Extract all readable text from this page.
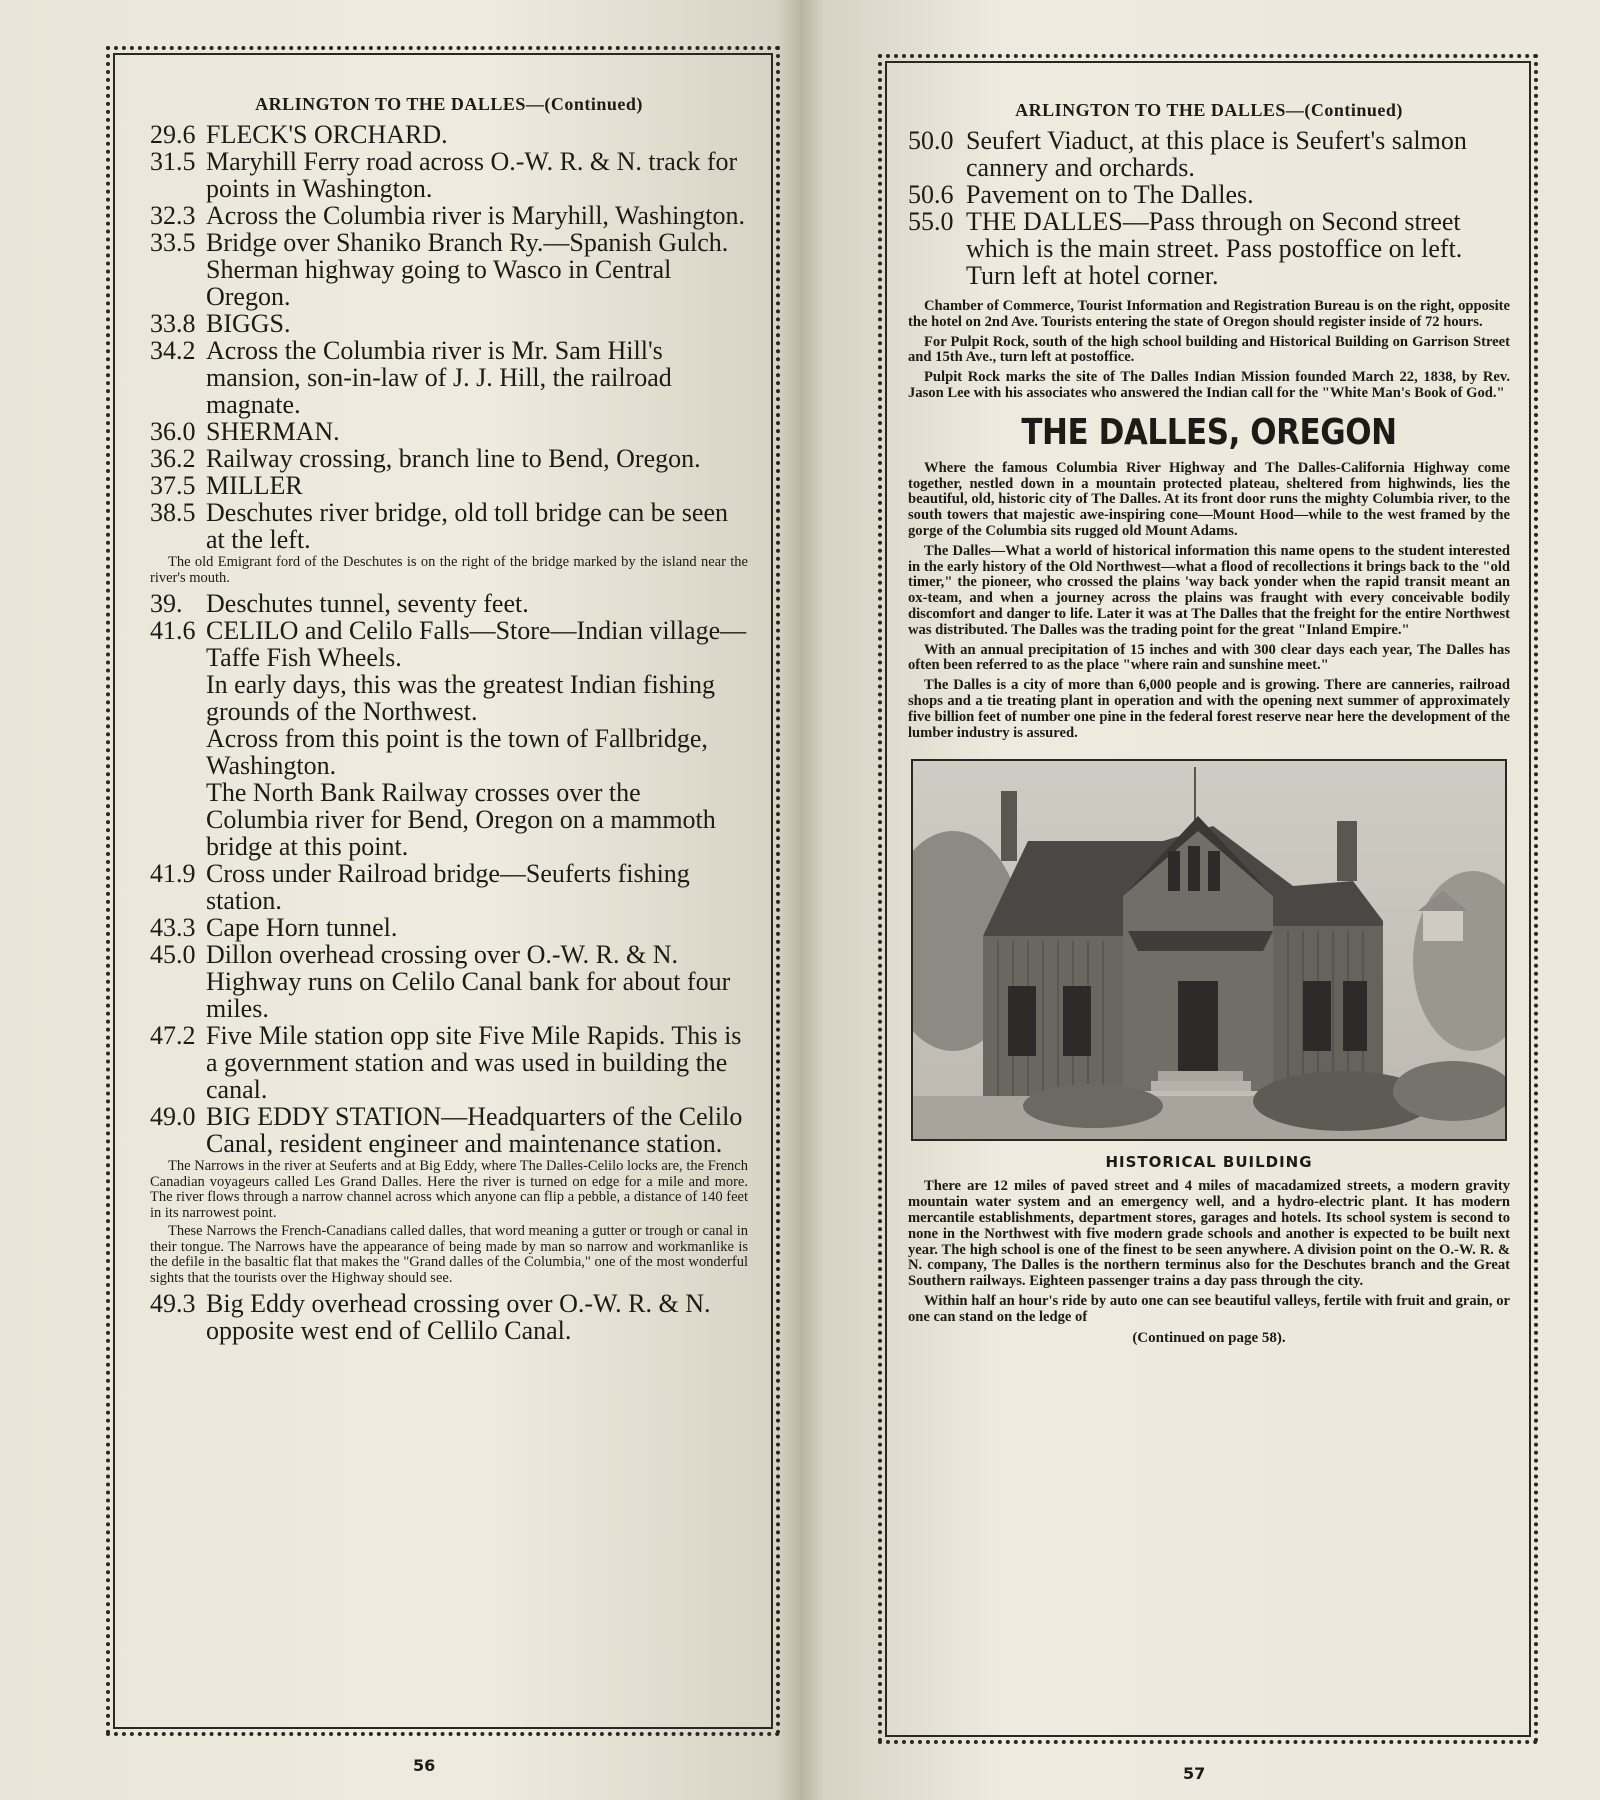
ARLINGTON TO THE DALLES—(Continued)
29.6 FLECK'S ORCHARD.

31.5 Maryhill Ferry road across O.-W. R. & N. track for points in Washington.

32.3 Across the Columbia river is Maryhill, Washington.

33.5 Bridge over Shaniko Branch Ry.—Spanish Gulch. Sherman highway going to Wasco in Central Oregon.

33.8 BIGGS.

34.2 Across the Columbia river is Mr. Sam Hill's mansion, son-in-law of J. J. Hill, the railroad magnate.

36.0 SHERMAN.

36.2 Railway crossing, branch line to Bend, Oregon.

37.5 MILLER

38.5 Deschutes river bridge, old toll bridge can be seen at the left.

The old Emigrant ford of the Deschutes is on the right of the bridge marked by the island near the river's mouth.

39. Deschutes tunnel, seventy feet.

41.6 CELILO and Celilo Falls—Store—Indian village—Taffe Fish Wheels.

In early days, this was the greatest Indian fishing grounds of the Northwest.

Across from this point is the town of Fallbridge, Washington.

The North Bank Railway crosses over the Columbia river for Bend, Oregon on a mammoth bridge at this point.

41.9 Cross under Railroad bridge—Seuferts fishing station.

43.3 Cape Horn tunnel.

45.0 Dillon overhead crossing over O.-W. R. & N.

Highway runs on Celilo Canal bank for about four miles.

47.2 Five Mile station opp site Five Mile Rapids. This is a government station and was used in building the canal.

49.0 BIG EDDY STATION—Headquarters of the Celilo Canal, resident engineer and maintenance station.

The Narrows in the river at Seuferts and at Big Eddy, where The Dalles-Celilo locks are, the French Canadian voyageurs called Les Grand Dalles. Here the river is turned on edge for a mile and more. The river flows through a narrow channel across which anyone can flip a pebble, a distance of 140 feet in its narrowest point.

These Narrows the French-Canadians called dalles, that word meaning a gutter or trough or canal in their tongue. The Narrows have the appearance of being made by man so narrow and workmanlike is the defile in the basaltic flat that makes the "Grand dalles of the Columbia," one of the most wonderful sights that the tourists over the Highway should see.

49.3 Big Eddy overhead crossing over O.-W. R. & N. opposite west end of Cellilo Canal.

56
ARLINGTON TO THE DALLES—(Continued)
50.0 Seufert Viaduct, at this place is Seufert's salmon cannery and orchards.

50.6 Pavement on to The Dalles.

55.0 THE DALLES—Pass through on Second street which is the main street. Pass postoffice on left. Turn left at hotel corner.

Chamber of Commerce, Tourist Information and Registration Bureau is on the right, opposite the hotel on 2nd Ave. Tourists entering the state of Oregon should register inside of 72 hours.

For Pulpit Rock, south of the high school building and Historical Building on Garrison Street and 15th Ave., turn left at postoffice.

Pulpit Rock marks the site of The Dalles Indian Mission founded March 22, 1838, by Rev. Jason Lee with his associates who answered the Indian call for the "White Man's Book of God."

THE DALLES, OREGON

Where the famous Columbia River Highway and The Dalles-California Highway come together, nestled down in a mountain protected plateau, sheltered from highwinds, lies the beautiful, old, historic city of The Dalles. At its front door runs the mighty Columbia river, to the south towers that majestic awe-inspiring cone—Mount Hood—while to the west framed by the gorge of the Columbia sits rugged old Mount Adams.

The Dalles—What a world of historical information this name opens to the student interested in the early history of the Old Northwest—what a flood of recollections it brings back to the "old timer," the pioneer, who crossed the plains 'way back yonder when the rapid transit meant an ox-team, and when a journey across the plains was fraught with every conceivable bodily discomfort and danger to life. Later it was at The Dalles that the freight for the entire Northwest was distributed. The Dalles was the trading point for the great "Inland Empire."

With an annual precipitation of 15 inches and with 300 clear days each year, The Dalles has often been referred to as the place "where rain and sunshine meet."

The Dalles is a city of more than 6,000 people and is growing. There are canneries, railroad shops and a tie treating plant in operation and with the opening next summer of approximately five billion feet of number one pine in the federal forest reserve near here the development of the lumber industry is assured.

HISTORICAL BUILDING

There are 12 miles of paved street and 4 miles of macadamized streets, a modern gravity mountain water system and an emergency well, and a hydro-electric plant. It has modern mercantile establishments, department stores, garages and hotels. Its school system is second to none in the Northwest with five modern grade schools and another is expected to be built next year. The high school is one of the finest to be seen anywhere. A division point on the O.-W. R. & N. company, The Dalles is the northern terminus also for the Deschutes branch and the Great Southern railways. Eighteen passenger trains a day pass through the city.

Within half an hour's ride by auto one can see beautiful valleys, fertile with fruit and grain, or one can stand on the ledge of

(Continued on page 58).
57
